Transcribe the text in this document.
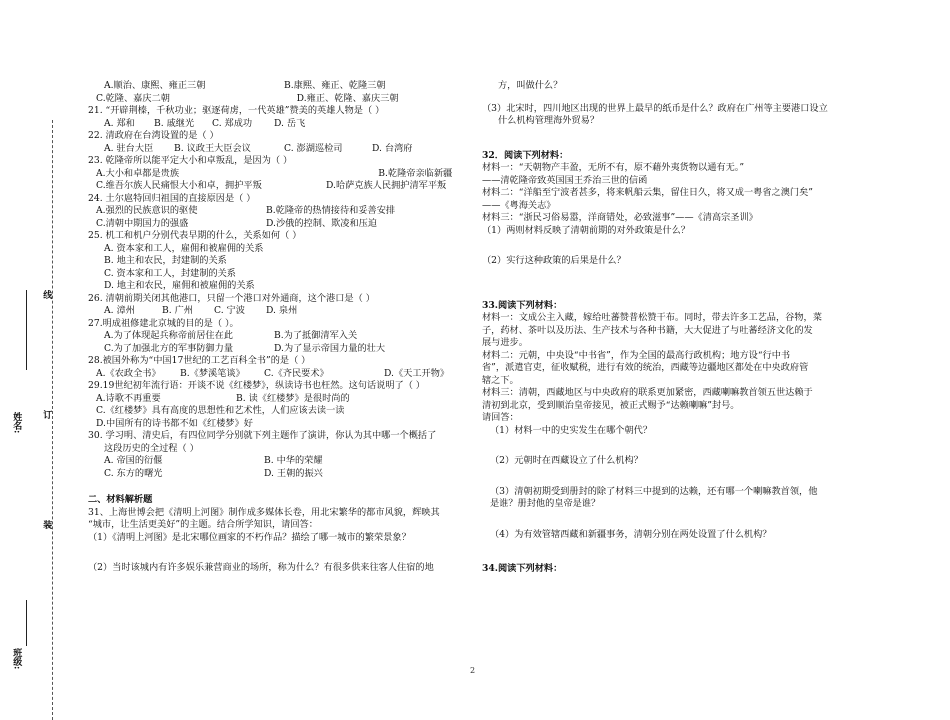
线
订
装
姓名:
班级:
A.顺治、康熙、雍正三朝	B.康熙、雍正、乾隆三朝
C.乾隆、嘉庆二朝	D.雍正、乾隆、嘉庆三朝
21. “开辟荆榛，千秋功业；驱逐荷虏，一代英雄”赞美的英雄人物是（ ）
A. 郑和	B. 戚继光	C. 郑成功	D. 岳飞
22. 清政府在台湾设置的是（ ）
A. 驻台大臣	B. 议政王大臣会议	C. 澎湖巡检司	D. 台湾府
23. 乾隆帝所以能平定大小和卓叛乱，是因为（ ）
A.大小和卓都是贵族	B.乾隆帝亲临新疆
C.维吾尔族人民痛恨大小和卓，拥护平叛	D.哈萨克族人民拥护清军平叛
24. 土尔扈特回归祖国的直接原因是（ ）
A.强烈的民族意识的驱使	B.乾隆帝的热情接待和妥善安排
C.清朝中期国力的强盛	D.沙俄的控制、欺凌和压迫
25. 机工和机户分别代表早期的什么，关系如何（ ）
A. 资本家和工人，雇佣和被雇佣的关系
B. 地主和农民，封建制的关系
C. 资本家和工人，封建制的关系
D. 地主和农民，雇佣和被雇佣的关系
26. 清朝前期关闭其他港口，只留一个港口对外通商，这个港口是（ ）
A. 漳州	B. 广州	C. 宁波	D. 泉州
27.明成祖修建北京城的目的是（ ）。
A.为了体现起兵称帝前居住在此	B.为了抵御清军入关
C.为了加强北方的军事防御力量	D.为了显示帝国力量的壮大
28.被国外称为“中国17世纪的工艺百科全书”的是（ ）
A.《农政全书》	B.《梦溪笔谈》	C.《齐民要术》	D.《天工开物》
29.19世纪初年流行语：开谈不说《红楼梦》，纵读诗书也枉然。这句话说明了（ ）
A.诗歌不再重要	B. 读《红楼梦》是很时尚的
C.《红楼梦》具有高度的思想性和艺术性，人们应该去读一读
D.中国所有的诗书都不如《红楼梦》好
30. 学习明、清史后，有四位同学分别就下列主题作了演讲，你认为其中哪一个概括了
这段历史的全过程（ ）
A. 帝国的衍偃	B. 中华的荣耀
C. 东方的曙光	D. 王朝的振兴
二、材料解析题
31、上海世博会把《清明上河图》制作成多媒体长卷，用北宋繁华的都市风貌，辉映其
“城市，让生活更美好”的主题。结合所学知识，请回答：
（1）《清明上河图》是北宋哪位画家的不朽作品？描绘了哪一城市的繁荣景象？
（2）当时该城内有许多娱乐兼营商业的场所，称为什么？有很多供来往客人住宿的地
方，叫做什么？
（3）北宋时，四川地区出现的世界上最早的纸币是什么？政府在广州等主要港口设立
什么机构管理海外贸易？
32．阅读下列材料：
材料一：“天朝物产丰盈，无所不有，原不藉外夷货物以通有无。”
——清乾隆帝致英国国王乔治三世的信函
材料二：“洋船至宁波者甚多，将来帆船云集，留住日久，将又成一粤省之澳门矣”
——《粤海关志》
材料三：“浙民习俗易嚣，洋商错处，必致滋事”——《清高宗圣训》
（1）两则材料反映了清朝前期的对外政策是什么？
（2）实行这种政策的后果是什么？
33.阅读下列材料：
材料一：文成公主入藏，嫁给吐蕃赞普松赞干布。同时，带去许多工艺品，谷物，菜
子，药材、茶叶以及历法、生产技术与各种书籍，大大促进了与吐蕃经济文化的发
展与进步。
材料二：元朝，中央设“中书省”，作为全国的最高行政机构；地方设“行中书
省”，派遣官吏，征收赋税，进行有效的统治，西藏等边疆地区都处在中央政府管
辖之下。
材料三：清朝，西藏地区与中央政府的联系更加紧密，西藏喇嘛教首领五世达赖于
清初到北京，受到顺治皇帝接见，被正式赐予“达赖喇嘛”封号。
请回答：
（1）材料一中的史实发生在哪个朝代？
（2）元朝时在西藏设立了什么机构？
（3）清朝初期受到册封的除了材料三中提到的达赖，还有哪一个喇嘛教首领，他
是谁？册封他的皇帝是谁？
（4）为有效管辖西藏和新疆事务，清朝分别在两处设置了什么机构？
34.阅读下列材料：
2
